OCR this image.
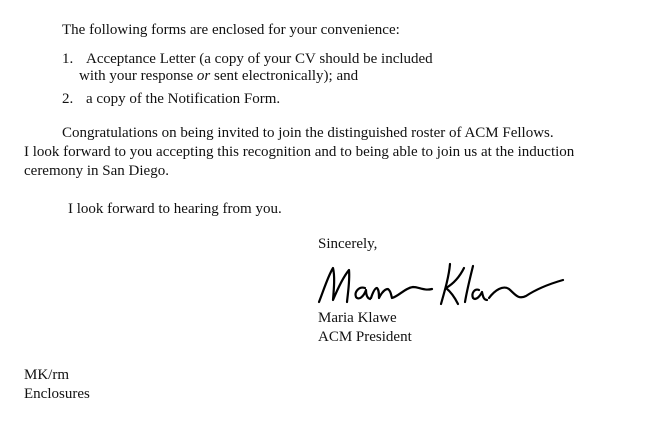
The following forms are enclosed for your convenience:
1. Acceptance Letter (a copy of your CV should be included
with your response or sent electronically); and
2. a copy of the Notification Form.
Congratulations on being invited to join the distinguished roster of ACM Fellows.
I look forward to you accepting this recognition and to being able to join us at the induction
ceremony in San Diego.
I look forward to hearing from you.
Sincerely,
Maria Klawe
ACM President
MK/rm
Enclosures
